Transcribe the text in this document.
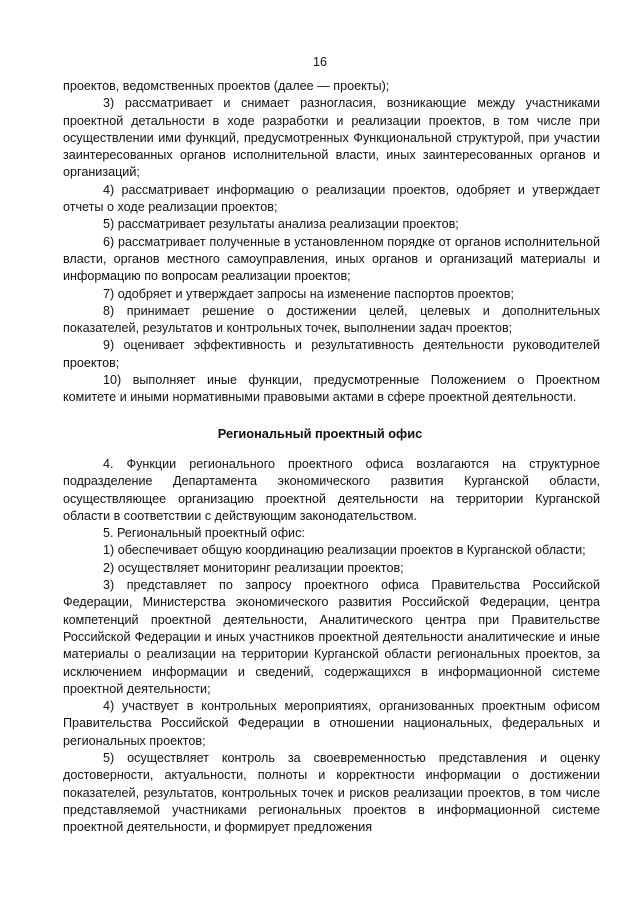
16

проектов, ведомственных проектов (далее — проекты);

3) рассматривает и снимает разногласия, возникающие между участниками проектной детальности в ходе разработки и реализации проектов, в том числе при осуществлении ими функций, предусмотренных Функциональной структурой, при участии заинтересованных органов исполнительной власти, иных заинтересованных органов и организаций;

4) рассматривает информацию о реализации проектов, одобряет и утверждает отчеты о ходе реализации проектов;

5) рассматривает результаты анализа реализации проектов;

6) рассматривает полученные в установленном порядке от органов исполнительной власти, органов местного самоуправления, иных органов и организаций материалы и информацию по вопросам реализации проектов;

7) одобряет и утверждает запросы на изменение паспортов проектов;

8) принимает решение о достижении целей, целевых и дополнительных показателей, результатов и контрольных точек, выполнении задач проектов;

9) оценивает эффективность и результативность деятельности руководителей проектов;

10) выполняет иные функции, предусмотренные Положением о Проектном комитете и иными нормативными правовыми актами в сфере проектной деятельности.

Региональный проектный офис

4. Функции регионального проектного офиса возлагаются на структурное подразделение Департамента экономического развития Курганской области, осуществляющее организацию проектной деятельности на территории Курганской области в соответствии с действующим законодательством.

5. Региональный проектный офис:

1) обеспечивает общую координацию реализации проектов в Курганской области;

2) осуществляет мониторинг реализации проектов;

3) представляет по запросу проектного офиса Правительства Российской Федерации, Министерства экономического развития Российской Федерации, центра компетенций проектной деятельности, Аналитического центра при Правительстве Российской Федерации и иных участников проектной деятельности аналитические и иные материалы о реализации на территории Курганской области региональных проектов, за исключением информации и сведений, содержащихся в информационной системе проектной деятельности;

4) участвует в контрольных мероприятиях, организованных проектным офисом Правительства Российской Федерации в отношении национальных, федеральных и региональных проектов;

5) осуществляет контроль за своевременностью представления и оценку достоверности, актуальности, полноты и корректности информации о достижении показателей, результатов, контрольных точек и рисков реализации проектов, в том числе представляемой участниками региональных проектов в информационной системе проектной деятельности, и формирует предложения
